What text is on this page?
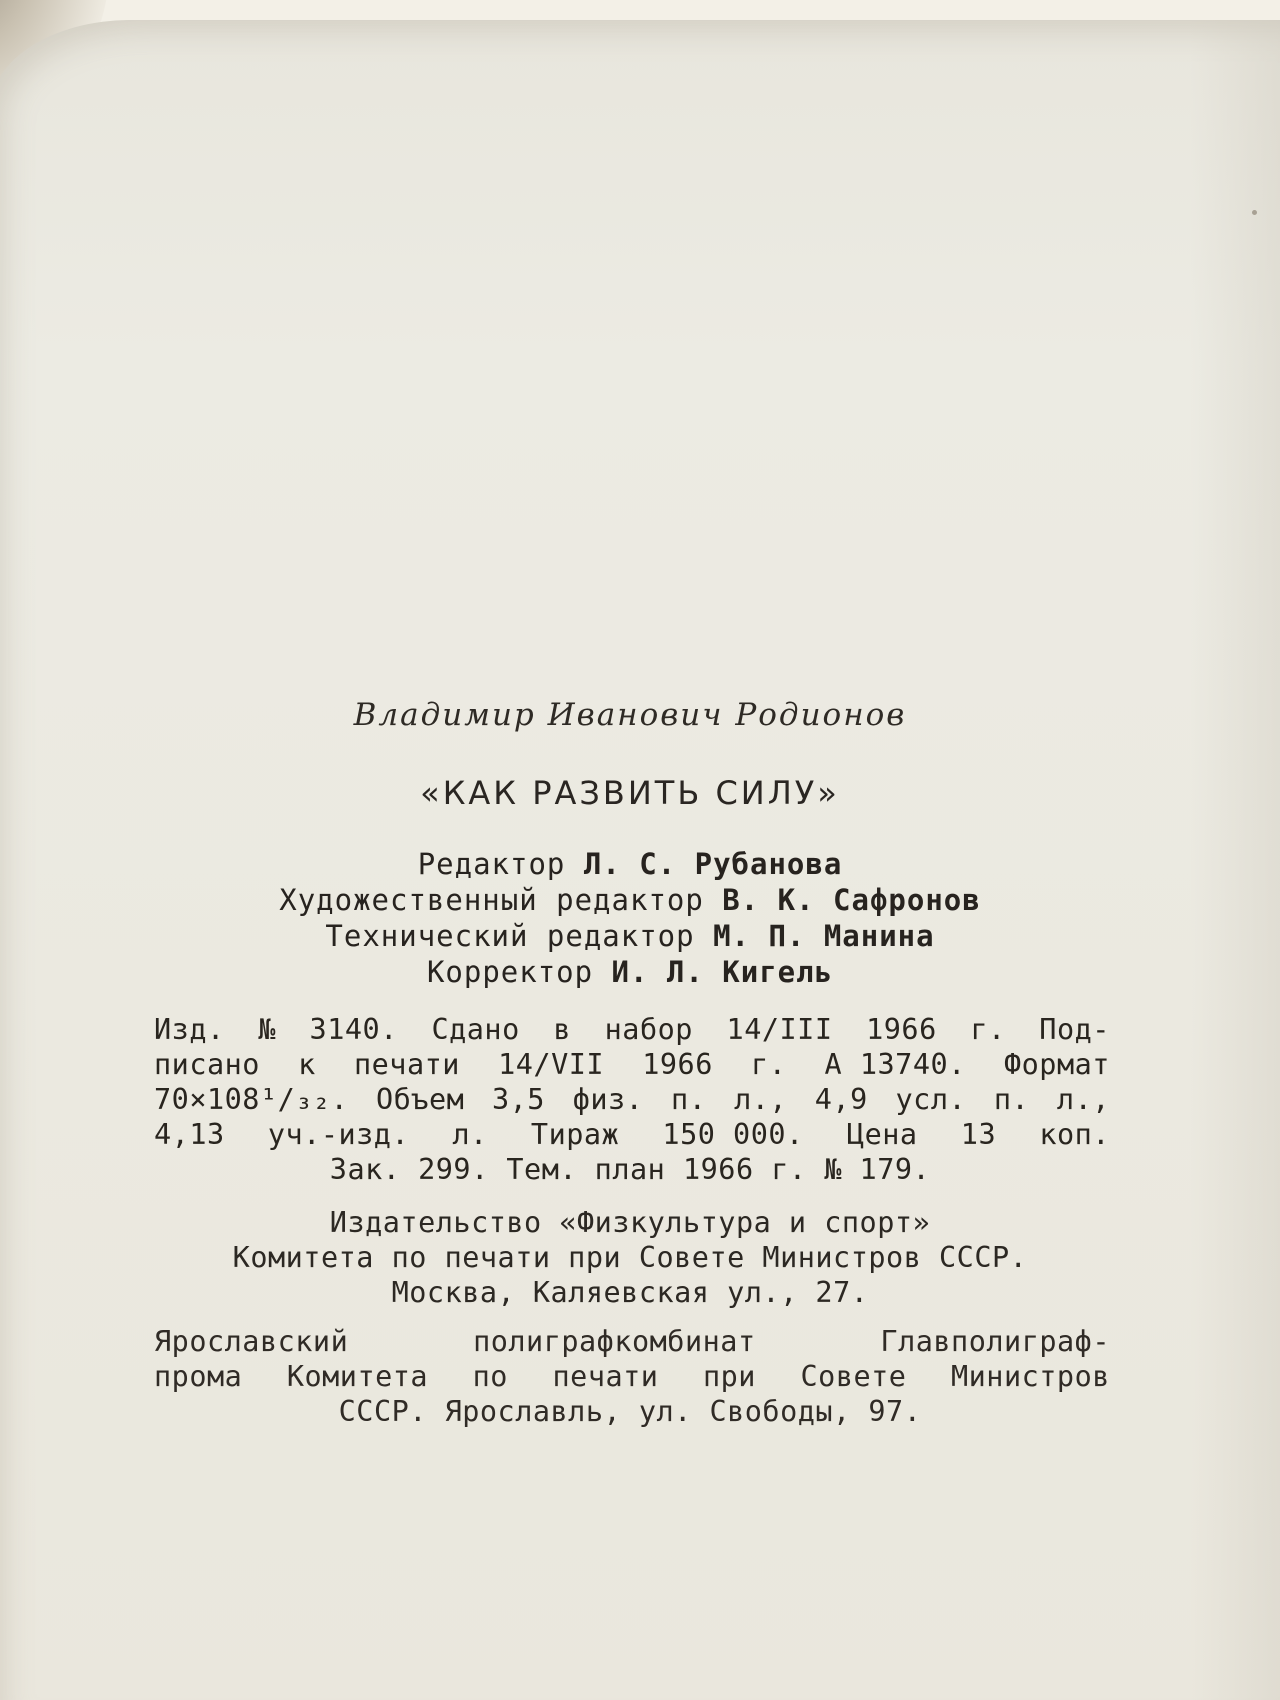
Владимир Иванович Родионов
«КАК РАЗВИТЬ СИЛУ»
Редактор Л. С. Рубанова
Художественный редактор В. К. Сафронов
Технический редактор М. П. Манина
Корректор И. Л. Кигель
Изд. № 3140. Сдано в набор 14/III 1966 г. Под-
писано к печати 14/VII 1966 г. А 13740. Формат
70×108¹/₃₂. Объем 3,5 физ. п. л., 4,9 усл. п. л.,
4,13 уч.-изд. л. Тираж 150 000. Цена 13 коп.
Зак. 299. Тем. план 1966 г. № 179.
Издательство «Физкультура и спорт»
Комитета по печати при Совете Министров СССР.
Москва, Каляевская ул., 27.
Ярославский	полиграфкомбинат	Главполиграф-
прома Комитета по печати при Совете Министров
СССР. Ярославль, ул. Свободы, 97.
